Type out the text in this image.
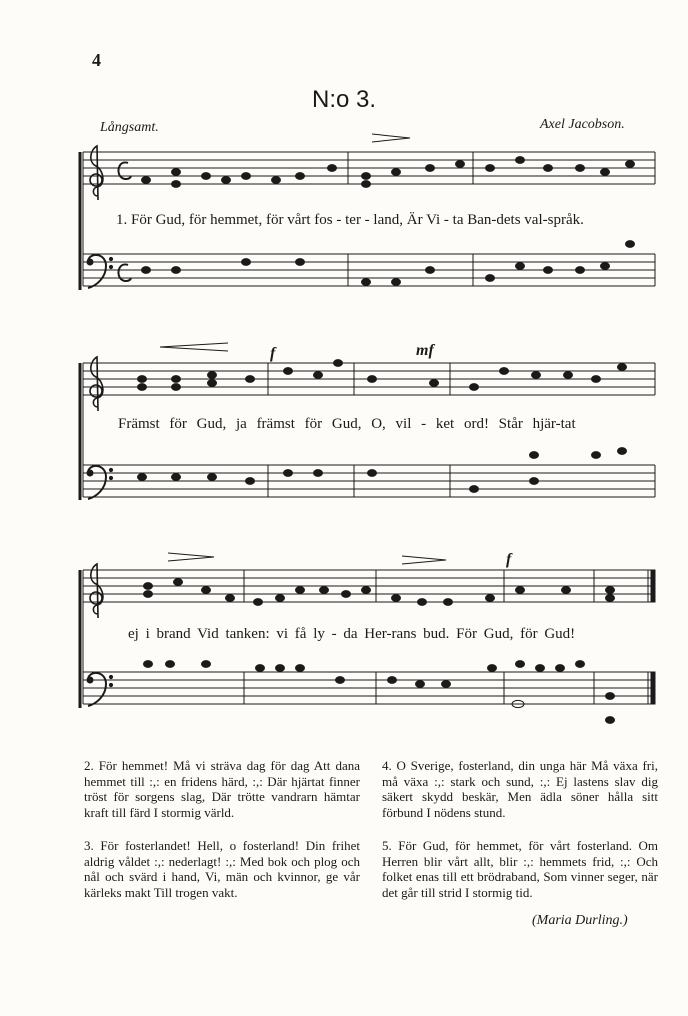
4
N:o 3.
Långsamt.	Axel Jacobson.
f	mf
f
1. För Gud, för hemmet, för vårt fos - ter - land, Är Vi - ta Ban-dets val-språk.
Främst för Gud, ja främst för Gud, O, vil - ket ord! Står hjär-tat
ej i brand Vid tanken: vi få ly - da Her-rans bud. För Gud, för Gud!

2. För hemmet! Må vi sträva dag för dag Att dana hemmet till :,: en fridens härd, :,: Där hjärtat finner tröst för sorgens slag, Där trötte vandrarn hämtar kraft till färd I stormig värld.

3. För fosterlandet! Hell, o fosterland! Din frihet aldrig våldet :,: nederlagt! :,: Med bok och plog och nål och svärd i hand, Vi, män och kvinnor, ge vår kärleks makt Till trogen vakt.

4. O Sverige, fosterland, din unga här Må växa fri, må växa :,: stark och sund, :,: Ej lastens slav dig säkert skydd beskär, Men ädla söner hålla sitt förbund I nödens stund.

5. För Gud, för hemmet, för vårt fosterland. Om Herren blir vårt allt, blir :,: hemmets frid, :,: Och folket enas till ett brödraband, Som vinner seger, när det går till strid I stormig tid.

(Maria Durling.)
